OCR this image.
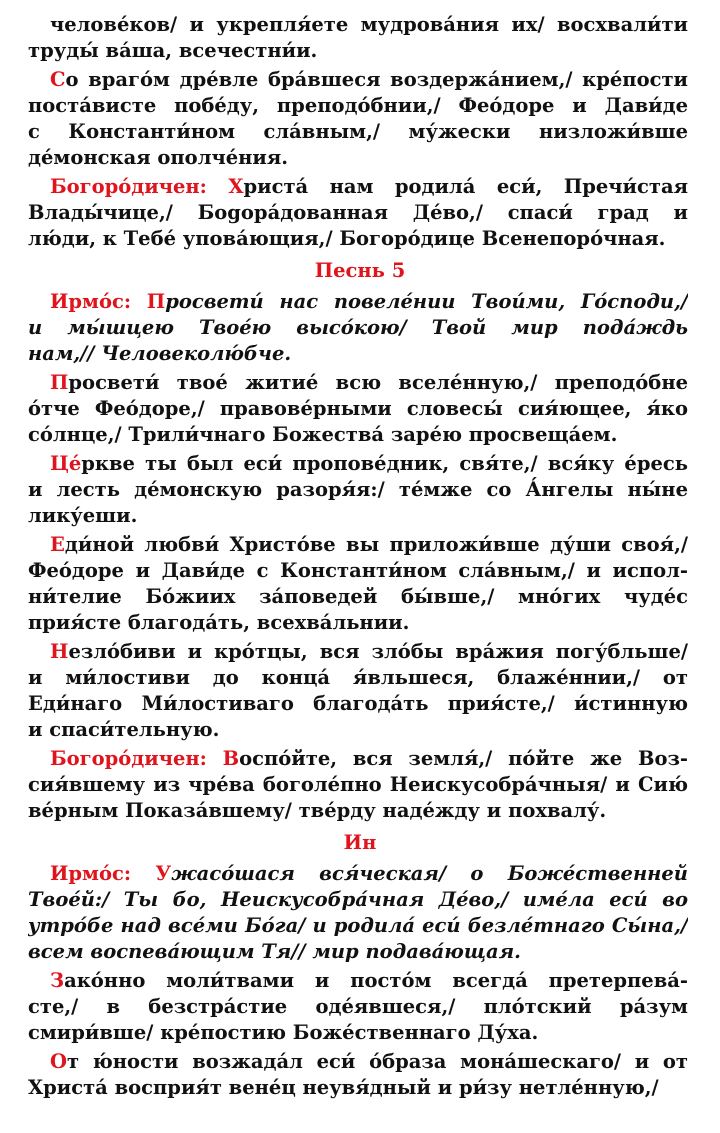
челове́ков/ и укрепля́ете мудрова́ния их/ восхвали́ти
труды́ ва́ша, всечестни́и.
Со враго́м дре́вле бра́вшеся воздержа́нием,/ кре́пости
поста́висте побе́ду, преподо́бнии,/ Фео́доре и Дави́де
с Константи́ном сла́вным,/ му́жески низложи́вше
де́монская ополче́ния.
Богоро́дичен: Христа́ нам родила́ еси́, Пречи́стая
Влады́чице,/ Бogopа́дованная Де́во,/ спаси́ град и
лю́ди, к Тебе́ упова́ющия,/ Богоро́дице Всенепоро́чная.
Песнь 5
Ирмо́с: Просвети́ нас повеле́нии Твои́ми, Го́споди,/
и мы́шцею Твое́ю высо́кою/ Твой мир пода́ждь
нам,// Человеколю́бче.
Просвети́ твое́ житие́ всю вселе́нную,/ преподо́бне
о́тче Фео́доре,/ правове́рными словесы́ сия́ющее, я́ко
со́лнце,/ Трили́чнаго Божества́ заре́ю просвеща́ем.
Це́ркве ты был еси́ пропове́дник, свя́те,/ вся́ку е́ресь
и лесть де́монскую разоря́я:/ те́мже со А́нгелы ны́не
лику́еши.
Еди́ной любви́ Христо́ве вы приложи́вше ду́ши своя́,/
Фео́доре и Дави́де с Константи́ном сла́вным,/ и испол-
ни́телие Бо́жиих за́поведей бы́вше,/ мно́гих чуде́с
прия́сте благода́ть, всехва́льнии.
Незло́биви и кро́тцы, вся зло́бы вра́жия погу́бльше/
и ми́лостиви до конца́ я́вльшеся, блаже́ннии,/ от
Еди́наго Ми́лостиваго благода́ть прия́сте,/ и́стинную
и спаси́тельную.
Богоро́дичен: Воспо́йте, вся земля́,/ по́йте же Воз-
сия́вшему из чре́ва боголе́пно Неискусобра́чныя/ и Сию́
ве́рным Показа́вшему/ тве́рду наде́жду и похвалу́.
Ин
Ирмо́с: Ужасо́шася вся́ческая/ о Боже́ственней
Твое́й:/ Ты бо, Неискусобра́чная Де́во,/ име́ла еси́ во
утро́бе над все́ми Бо́га/ и родила́ еси́ безле́тнаго Сы́на,/
всем воспева́ющим Тя// мир подава́ющая.
Зако́нно моли́твами и посто́м всегда́ претерпева́-
сте,/ в безстра́стие оде́явшеся,/ пло́тский ра́зум
смири́вше/ кре́постию Боже́ственнаго Ду́ха.
От ю́ности возжада́л еси́ о́браза мона́шескаго/ и от
Христа́ восприя́т вене́ц неувя́дный и ри́зу нетле́нную,/
